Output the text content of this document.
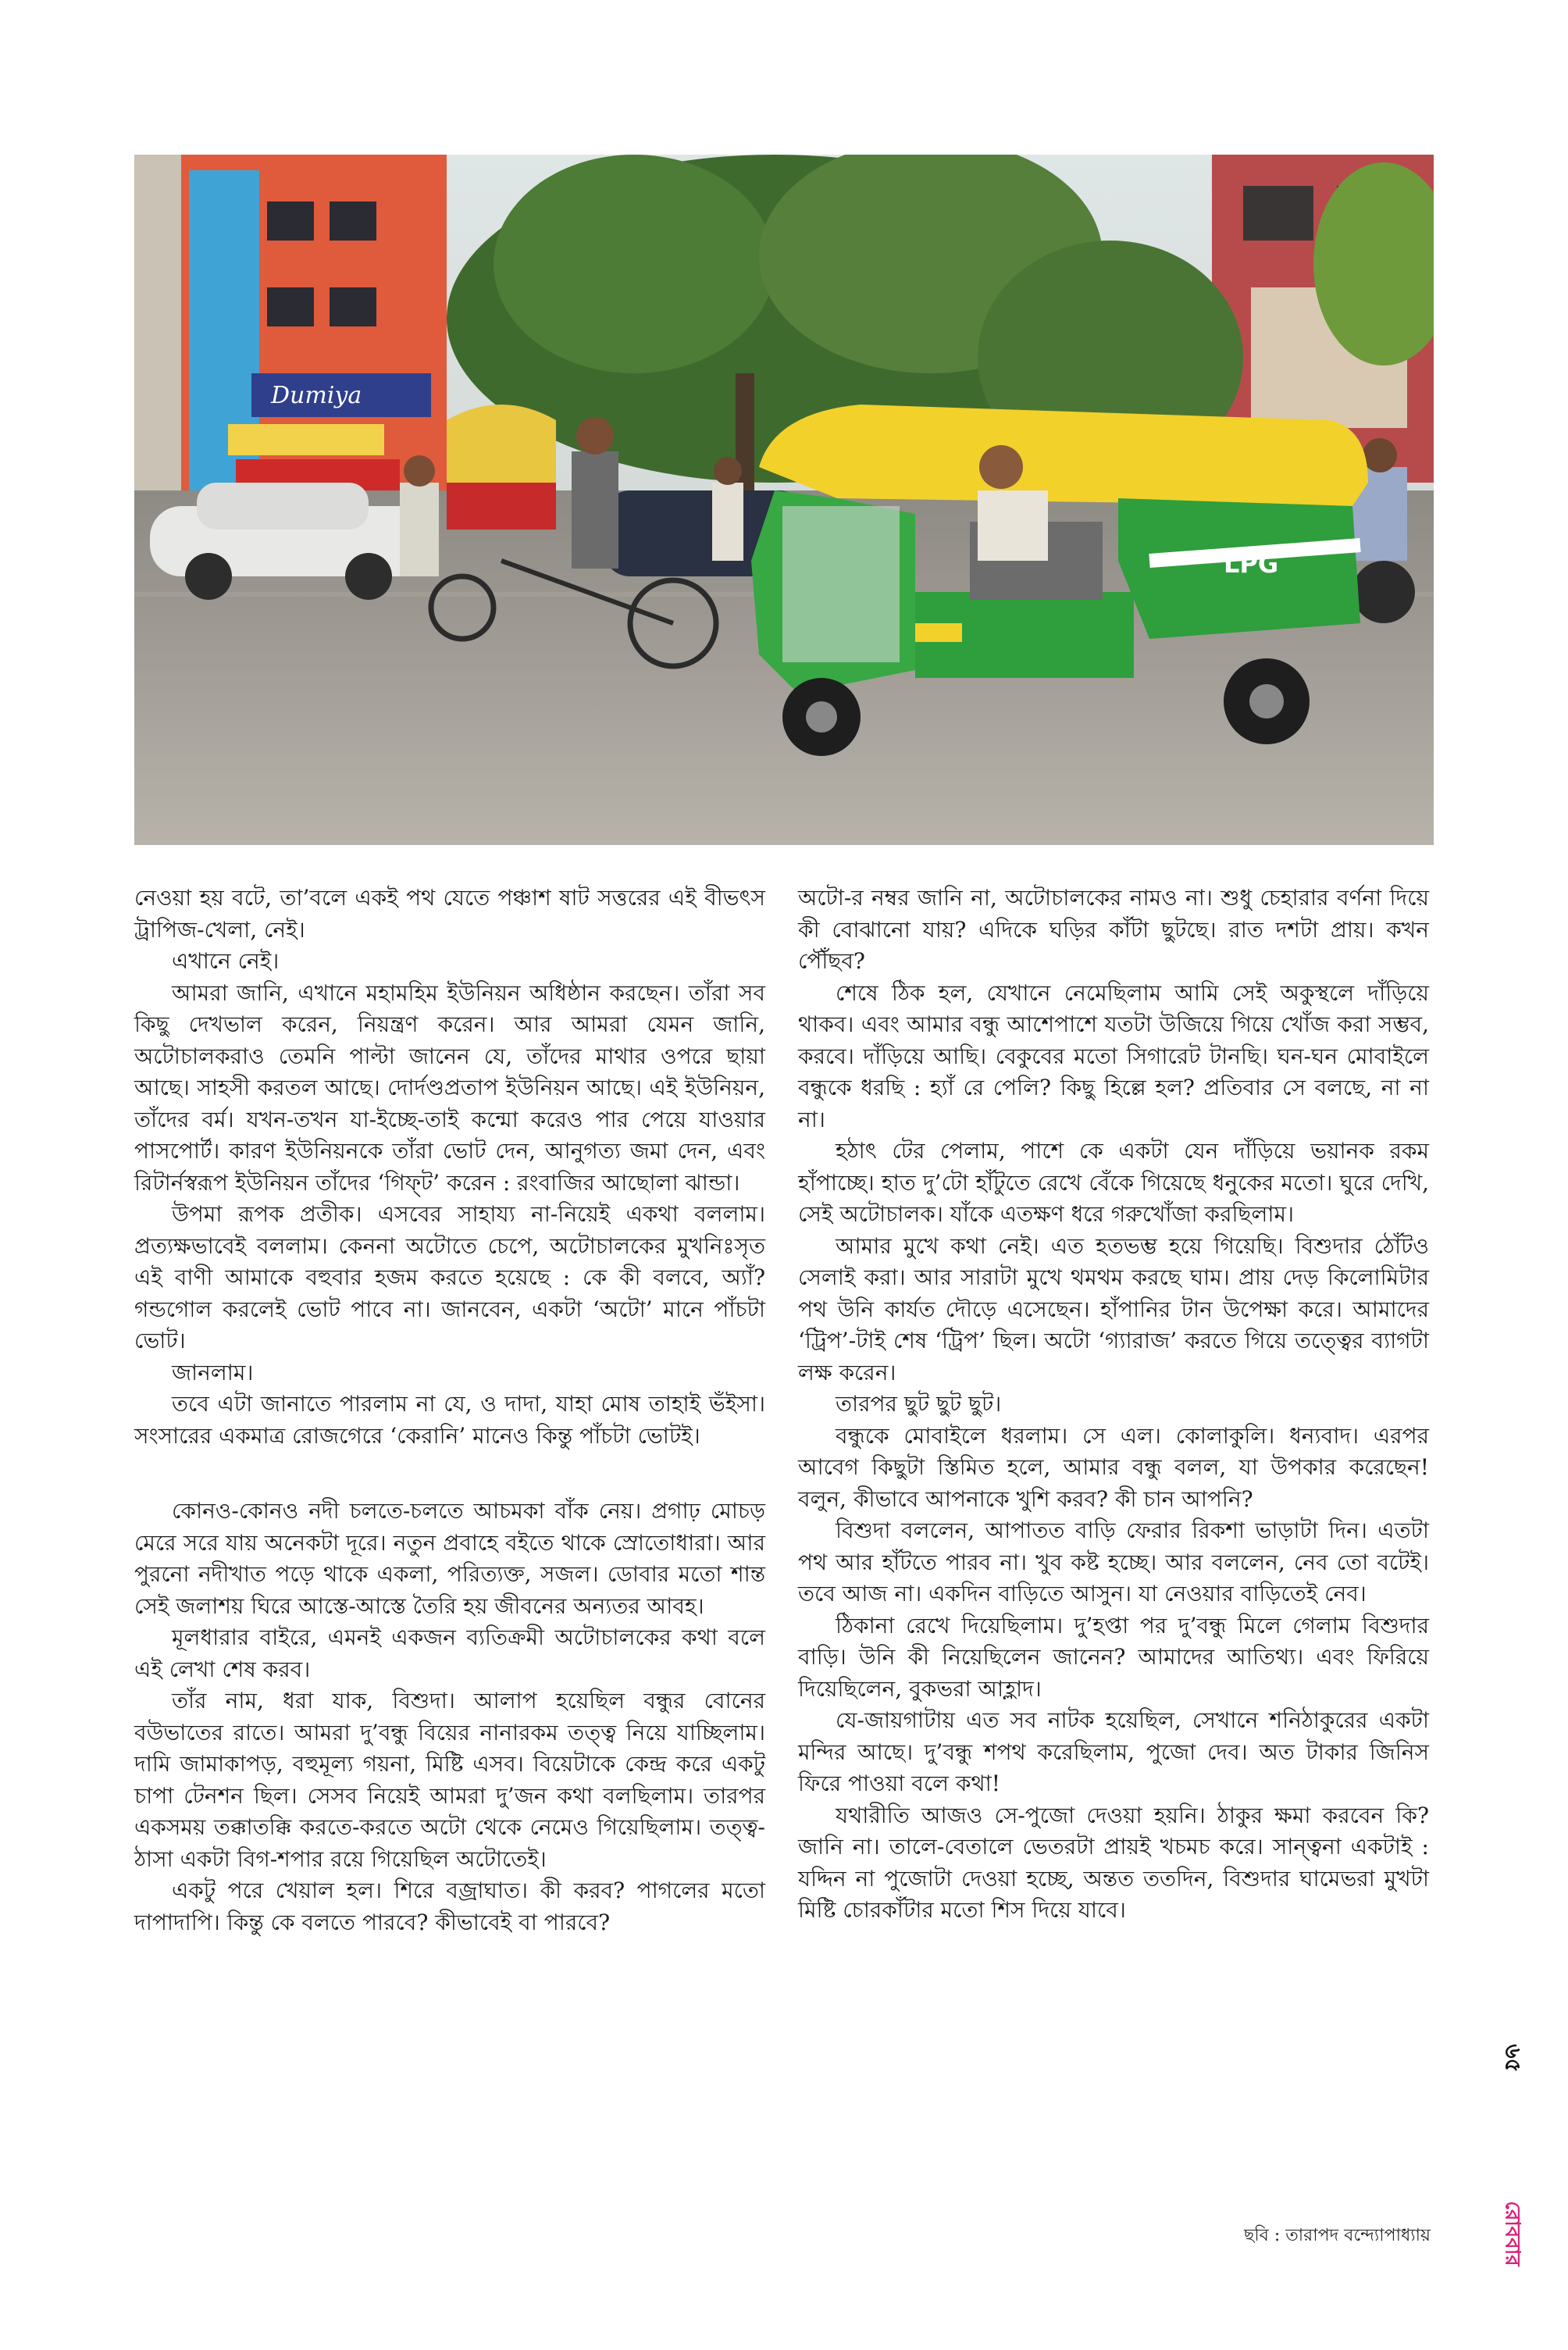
Dumiya
LPG

নেওয়া হয় বটে, তা’বলে একই পথ যেতে পঞ্চাশ ষাট সত্তরের এই বীভৎস ট্রাপিজ-খেলা, নেই।

এখানে নেই।

আমরা জানি, এখানে মহামহিম ইউনিয়ন অধিষ্ঠান করছেন। তাঁরা সব কিছু দেখভাল করেন, নিয়ন্ত্রণ করেন। আর আমরা যেমন জানি, অটোচালকরাও তেমনি পাল্টা জানেন যে, তাঁদের মাথার ওপরে ছায়া আছে। সাহসী করতল আছে। দোর্দণ্ডপ্রতাপ ইউনিয়ন আছে। এই ইউনিয়ন, তাঁদের বর্ম। যখন-তখন যা-ইচ্ছে-তাই কন্মো করেও পার পেয়ে যাওয়ার পাসপোর্ট। কারণ ইউনিয়নকে তাঁরা ভোট দেন, আনুগত্য জমা দেন, এবং রিটার্নস্বরূপ ইউনিয়ন তাঁদের ‘গিফ্‌ট’ করেন : রংবাজির আছোলা ঝান্ডা।

উপমা রূপক প্রতীক। এসবের সাহায্য না-নিয়েই একথা বললাম। প্রত্যক্ষভাবেই বললাম। কেননা অটোতে চেপে, অটোচালকের মুখনিঃসৃত এই বাণী আমাকে বহুবার হজম করতে হয়েছে : কে কী বলবে, অ্যাঁ? গন্ডগোল করলেই ভোট পাবে না। জানবেন, একটা ‘অটো’ মানে পাঁচটা ভোট।

জানলাম।

তবে এটা জানাতে পারলাম না যে, ও দাদা, যাহা মোষ তাহাই ভঁইসা। সংসারের একমাত্র রোজগেরে ‘কেরানি’ মানেও কিন্তু পাঁচটা ভোটই।

কোনও-কোনও নদী চলতে-চলতে আচমকা বাঁক নেয়। প্রগাঢ় মোচড় মেরে সরে যায় অনেকটা দূরে। নতুন প্রবাহে বইতে থাকে স্রোতোধারা। আর পুরনো নদীখাত পড়ে থাকে একলা, পরিত্যক্ত, সজল। ডোবার মতো শান্ত সেই জলাশয় ঘিরে আস্তে-আস্তে তৈরি হয় জীবনের অন্যতর আবহ।

মূলধারার বাইরে, এমনই একজন ব্যতিক্রমী অটোচালকের কথা বলে এই লেখা শেষ করব।

তাঁর নাম, ধরা যাক, বিশুদা। আলাপ হয়েছিল বন্ধুর বোনের বউভাতের রাতে। আমরা দু’বন্ধু বিয়ের নানারকম তত্ত্ব নিয়ে যাচ্ছিলাম। দামি জামাকাপড়, বহুমূল্য গয়না, মিষ্টি এসব। বিয়েটাকে কেন্দ্র করে একটু চাপা টেনশন ছিল। সেসব নিয়েই আমরা দু’জন কথা বলছিলাম। তারপর একসময় তক্কাতক্কি করতে-করতে অটো থেকে নেমেও গিয়েছিলাম। তত্ত্ব-ঠাসা একটা বিগ-শপার রয়ে গিয়েছিল অটোতেই।

একটু পরে খেয়াল হল। শিরে বজ্রাঘাত। কী করব? পাগলের মতো দাপাদাপি। কিন্তু কে বলতে পারবে? কীভাবেই বা পারবে?

অটো-র নম্বর জানি না, অটোচালকের নামও না। শুধু চেহারার বর্ণনা দিয়ে কী বোঝানো যায়? এদিকে ঘড়ির কাঁটা ছুটছে। রাত দশটা প্রায়। কখন পৌঁছব?

শেষে ঠিক হল, যেখানে নেমেছিলাম আমি সেই অকুস্থলে দাঁড়িয়ে থাকব। এবং আমার বন্ধু আশেপাশে যতটা উজিয়ে গিয়ে খোঁজ করা সম্ভব, করবে। দাঁড়িয়ে আছি। বেকুবের মতো সিগারেট টানছি। ঘন-ঘন মোবাইলে বন্ধুকে ধরছি : হ্যাঁ রে পেলি? কিছু হিল্লে হল? প্রতিবার সে বলছে, না না না।

হঠাৎ টের পেলাম, পাশে কে একটা যেন দাঁড়িয়ে ভয়ানক রকম হাঁপাচ্ছে। হাত দু’টো হাঁটুতে রেখে বেঁকে গিয়েছে ধনুকের মতো। ঘুরে দেখি, সেই অটোচালক। যাঁকে এতক্ষণ ধরে গরুখোঁজা করছিলাম।

আমার মুখে কথা নেই। এত হতভম্ভ হয়ে গিয়েছি। বিশুদার ঠোঁটও সেলাই করা। আর সারাটা মুখে থমথম করছে ঘাম। প্রায় দেড় কিলোমিটার পথ উনি কার্যত দৌড়ে এসেছেন। হাঁপানির টান উপেক্ষা করে। আমাদের ‘ট্রিপ’-টাই শেষ ‘ট্রিপ’ ছিল। অটো ‘গ্যারাজ’ করতে গিয়ে তত্ত্বের ব্যাগটা লক্ষ করেন।

তারপর ছুট ছুট ছুট।

বন্ধুকে মোবাইলে ধরলাম। সে এল। কোলাকুলি। ধন্যবাদ। এরপর আবেগ কিছুটা স্তিমিত হলে, আমার বন্ধু বলল, যা উপকার করেছেন! বলুন, কীভাবে আপনাকে খুশি করব? কী চান আপনি?

বিশুদা বললেন, আপাতত বাড়ি ফেরার রিকশা ভাড়াটা দিন। এতটা পথ আর হাঁটতে পারব না। খুব কষ্ট হচ্ছে। আর বললেন, নেব তো বটেই। তবে আজ না। একদিন বাড়িতে আসুন। যা নেওয়ার বাড়িতেই নেব।

ঠিকানা রেখে দিয়েছিলাম। দু’হপ্তা পর দু’বন্ধু মিলে গেলাম বিশুদার বাড়ি। উনি কী নিয়েছিলেন জানেন? আমাদের আতিথ্য। এবং ফিরিয়ে দিয়েছিলেন, বুকভরা আহ্লাদ।

যে-জায়গাটায় এত সব নাটক হয়েছিল, সেখানে শনিঠাকুরের একটা মন্দির আছে। দু’বন্ধু শপথ করেছিলাম, পুজো দেব। অত টাকার জিনিস ফিরে পাওয়া বলে কথা!

যথারীতি আজও সে-পুজো দেওয়া হয়নি। ঠাকুর ক্ষমা করবেন কি? জানি না। তালে-বেতালে ভেতরটা প্রায়ই খচমচ করে। সান্ত্বনা একটাই : যদ্দিন না পুজোটা দেওয়া হচ্ছে, অন্তত ততদিন, বিশুদার ঘামেভরা মুখটা মিষ্টি চোরকাঁটার মতো শিস দিয়ে যাবে।

ছবি : তারাপদ বন্দ্যোপাধ্যায়
৬৫
রোববার
